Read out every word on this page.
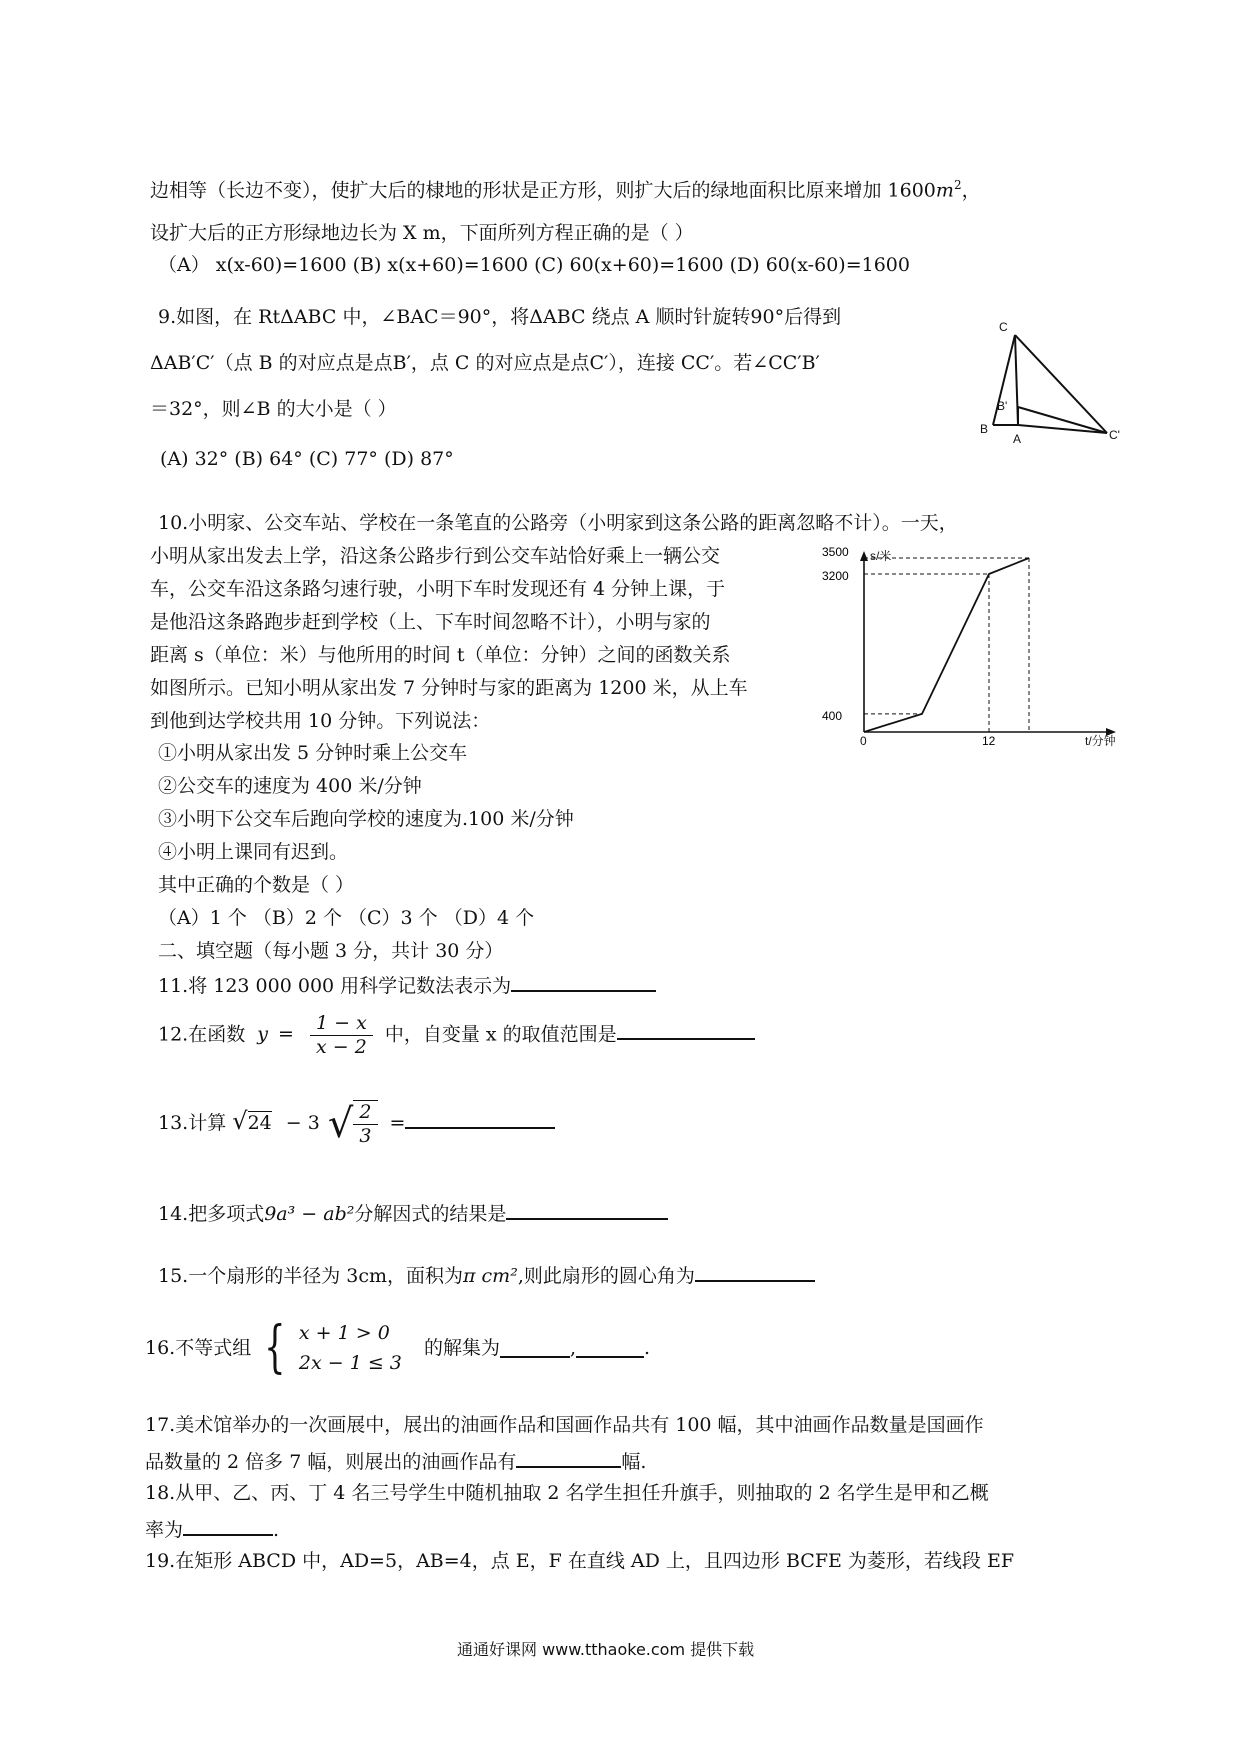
边相等（长边不变），使扩大后的棣地的形状是正方形，则扩大后的绿地面积比原来增加 $1600m^2$，
设扩大后的正方形绿地边长为 X m，下面所列方程正确的是（ ）
（A） x(x-60)=1600 (B) x(x+60)=1600 (C) 60(x+60)=1600 (D) 60(x-60)=1600
9.如图，在 RtΔABC 中，∠BAC＝90°，将ΔABC 绕点 A 顺时针旋转90°后得到
ΔAB′C′（点 B 的对应点是点B′，点 C 的对应点是点C′），连接 CC′。若∠CC′B′
＝32°，则∠B 的大小是（ ）
(A) 32° (B) 64° (C) 77° (D) 87°
C
B'
B
A	C'
10.小明家、公交车站、学校在一条笔直的公路旁（小明家到这条公路的距离忽略不计）。一天，
小明从家出发去上学，沿这条公路步行到公交车站恰好乘上一辆公交
车，公交车沿这条路匀速行驶，小明下车时发现还有 4 分钟上课，于
是他沿这条路跑步赶到学校（上、下车时间忽略不计），小明与家的
距离 s（单位：米）与他所用的时间 t（单位：分钟）之间的函数关系
如图所示。已知小明从家出发 7 分钟时与家的距离为 1200 米，从上车
到他到达学校共用 10 分钟。下列说法：
①小明从家出发 5 分钟时乘上公交车
②公交车的速度为 400 米/分钟
③小明下公交车后跑向学校的速度为.100 米/分钟
④小明上课同有迟到。
其中正确的个数是（ ）
（A）1 个 （B）2 个 （C）3 个 （D）4 个
s/米
t/分钟
0
400
3200
3500
12
二、填空题（每小题 3 分，共计 30 分）
11.将 123 000 000 用科学记数法表示为
12.在函数 $y = \frac{1 - x}{x - 2}$ 中，自变量 x 的取值范围是
13.计算 √24 − 3 √ $\frac{2}{3}$ =
14.把多项式9a³ − ab²分解因式的结果是
15.一个扇形的半径为 3cm，面积为π cm²,则此扇形的圆心角为
16.不等式组 { x + 1 > 0
2x − 1 ≤ 3
的解集为	,	.
17.美术馆举办的一次画展中，展出的油画作品和国画作品共有 100 幅，其中油画作品数量是国画作
品数量的 2 倍多 7 幅，则展出的油画作品有	幅.
18.从甲、乙、丙、丁 4 名三号学生中随机抽取 2 名学生担任升旗手，则抽取的 2 名学生是甲和乙概
率为	.
19.在矩形 ABCD 中，AD=5，AB=4，点 E，F 在直线 AD 上，且四边形 BCFE 为菱形，若线段 EF
通通好课网 www.tthaoke.com 提供下载
